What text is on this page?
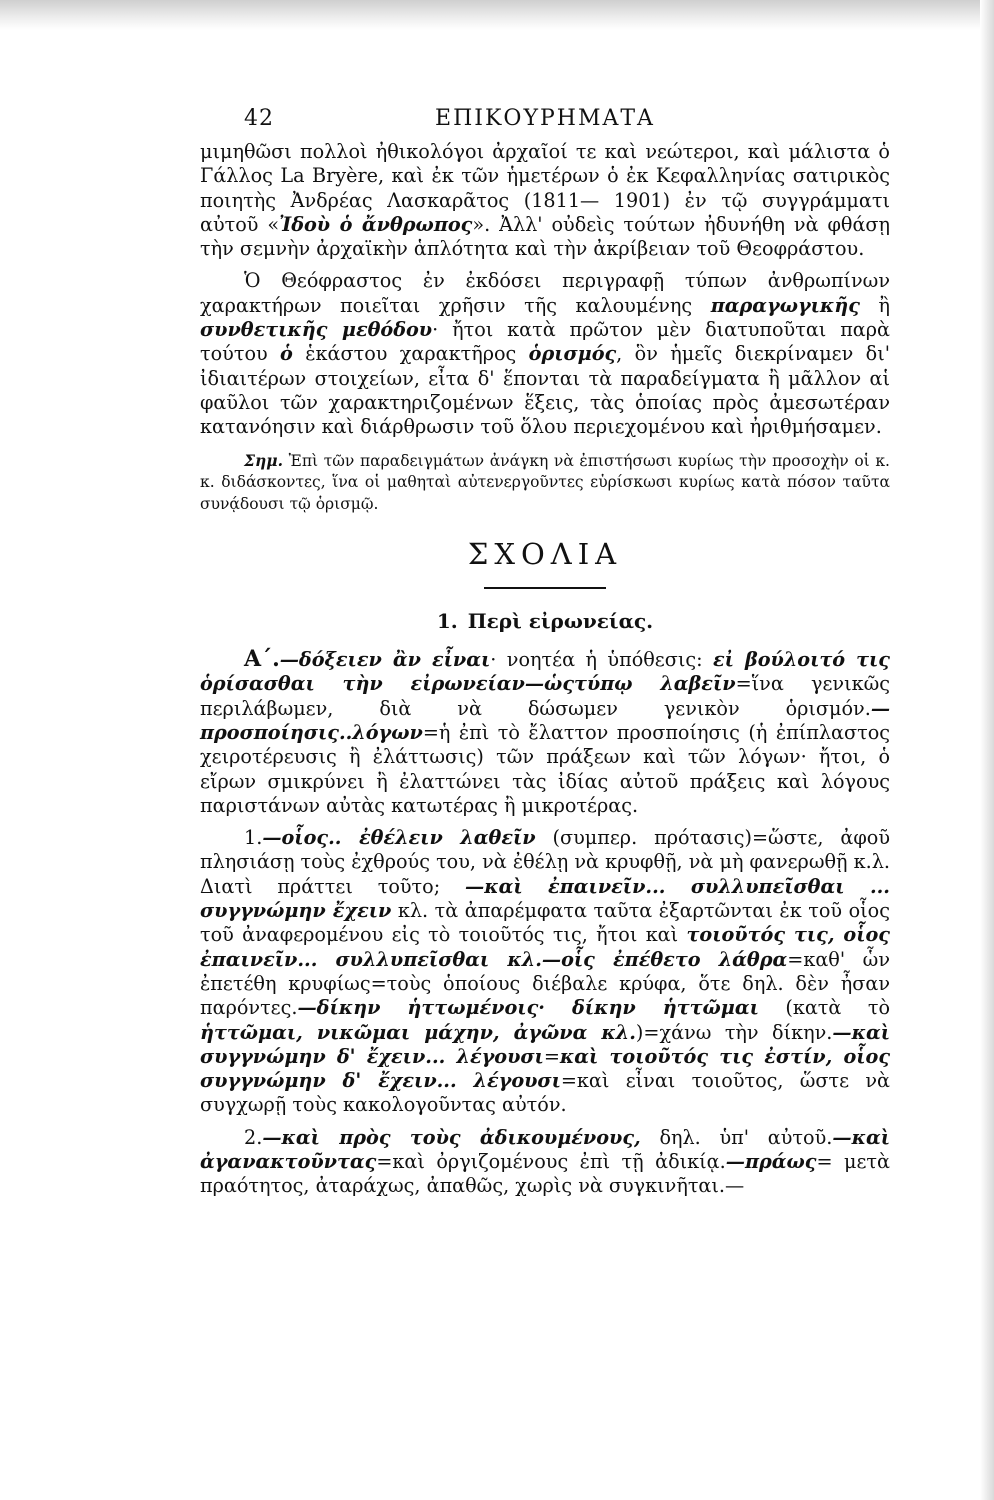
42	ΕΠΙΚΟΥΡΗΜΑΤΑ

μιμηθῶσι πολλοὶ ἠθικολόγοι ἀρχαῖοί τε καὶ νεώτεροι, καὶ μάλιστα ὁ Γάλλος La Bryère, καὶ ἐκ τῶν ἡμετέρων ὁ ἐκ Κεφαλληνίας σατιρικὸς ποιητὴς Ἀνδρέας Λασκαρᾶτος (1811— 1901) ἐν τῷ συγγράμματι αὐτοῦ «Ἰδοὺ ὁ ἄνθρωπος». Ἀλλ' οὐδεὶς τούτων ἠδυνήθη νὰ φθάσῃ τὴν σεμνὴν ἀρχαϊκὴν ἁπλότητα καὶ τὴν ἀκρίβειαν τοῦ Θεοφράστου.

Ὁ Θεόφραστος ἐν ἐκδόσει περιγραφῇ τύπων ἀνθρωπίνων χαρακτήρων ποιεῖται χρῆσιν τῆς καλουμένης παραγωγικῆς ἢ συνθετικῆς μεθόδου· ἤτοι κατὰ πρῶτον μὲν διατυποῦται παρὰ τούτου ὁ ἑκάστου χαρακτῆρος ὁρισμός, ὃν ἡμεῖς διεκρίναμεν δι' ἰδιαιτέρων στοιχείων, εἶτα δ' ἕπονται τὰ παραδείγματα ἢ μᾶλλον αἱ φαῦλοι τῶν χαρακτηριζομένων ἕξεις, τὰς ὁποίας πρὸς ἀμεσωτέραν κατανόησιν καὶ διάρθρωσιν τοῦ ὅλου περιεχομένου καὶ ἠριθμήσαμεν.

Σημ. Ἐπὶ τῶν παραδειγμάτων ἀνάγκη νὰ ἐπιστήσωσι κυρίως τὴν προσοχὴν οἱ κ. κ. διδάσκοντες, ἵνα οἱ μαθηταὶ αὐτενεργοῦντες εὑρίσκωσι κυρίως κατὰ πόσον ταῦτα συνᾴδουσι τῷ ὁρισμῷ.
ΣΧΟΛΙΑ
1. Περὶ εἰρωνείας.

Α΄.—δόξειεν ἂν εἶναι· νοητέα ἡ ὑπόθεσις: εἰ βούλοιτό τις ὁρίσασθαι τὴν εἰρωνείαν—ὡςτύπῳ λαβεῖν=ἵνα γενικῶς περιλάβωμεν, διὰ νὰ δώσωμεν γενικὸν ὁρισμόν.—προσποίησις..λόγων=ἡ ἐπὶ τὸ ἔλαττον προσποίησις (ἡ ἐπίπλαστος χειροτέρευσις ἢ ἐλάττωσις) τῶν πράξεων καὶ τῶν λόγων· ἤτοι, ὁ εἴρων σμικρύνει ἢ ἐλαττώνει τὰς ἰδίας αὐτοῦ πράξεις καὶ λόγους παριστάνων αὐτὰς κατωτέρας ἢ μικροτέρας.

1.—οἷος.. ἐθέλειν λαθεῖν (συμπερ. πρότασις)=ὥστε, ἀφοῦ πλησιάσῃ τοὺς ἐχθρούς του, νὰ ἐθέλῃ νὰ κρυφθῇ, νὰ μὴ φανερωθῇ κ.λ. Διατὶ πράττει τοῦτο; —καὶ ἐπαινεῖν... συλλυπεῖσθαι ... συγγνώμην ἔχειν κλ. τὰ ἀπαρέμφατα ταῦτα ἐξαρτῶνται ἐκ τοῦ οἷος τοῦ ἀναφερομένου εἰς τὸ τοιοῦτός τις, ἤτοι καὶ τοιοῦτός τις, οἷος ἐπαινεῖν... συλλυπεῖσθαι κλ.—οἷς ἐπέθετο λάθρα=καθ' ὧν ἐπετέθη κρυφίως=τοὺς ὁποίους διέβαλε κρύφα, ὅτε δηλ. δὲν ἦσαν παρόντες.—δίκην ἡττωμένοις· δίκην ἡττῶμαι (κατὰ τὸ ἡττῶμαι, νικῶμαι μάχην, ἀγῶνα κλ.)=χάνω τὴν δίκην.—καὶ συγγνώμην δ' ἔχειν... λέγουσι=καὶ τοιοῦτός τις ἐστίν, οἷος συγγνώμην δ' ἔχειν... λέγουσι=καὶ εἶναι τοιοῦτος, ὥστε νὰ συγχωρῇ τοὺς κακολογοῦντας αὐτόν.

2.—καὶ πρὸς τοὺς ἀδικουμένους, δηλ. ὑπ' αὐτοῦ.—καὶ ἀγανακτοῦντας=καὶ ὀργιζομένους ἐπὶ τῇ ἀδικίᾳ.—πράως= μετὰ πραότητος, ἀταράχως, ἀπαθῶς, χωρὶς νὰ συγκινῆται.—
